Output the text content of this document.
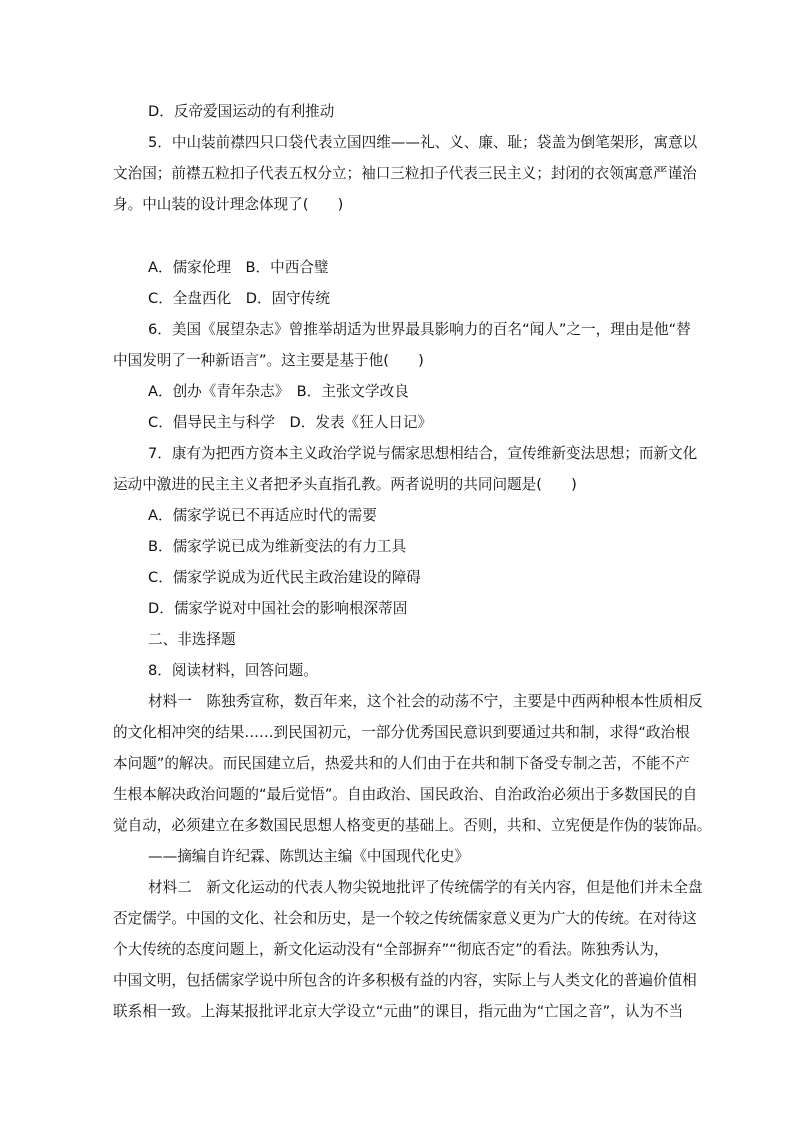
D．反帝爱国运动的有利推动
5．中山装前襟四只口袋代表立国四维——礼、义、廉、耻；袋盖为倒笔架形，寓意以
文治国；前襟五粒扣子代表五权分立；袖口三粒扣子代表三民主义；封闭的衣领寓意严谨治
身。中山装的设计理念体现了(　　)
A．儒家伦理　B．中西合璧
C．全盘西化　D．固守传统
6．美国《展望杂志》曾推举胡适为世界最具影响力的百名“闻人”之一，理由是他“替
中国发明了一种新语言”。这主要是基于他(　　)
A．创办《青年杂志》　B．主张文学改良
C．倡导民主与科学　D．发表《狂人日记》
7．康有为把西方资本主义政治学说与儒家思想相结合，宣传维新变法思想；而新文化
运动中激进的民主主义者把矛头直指孔教。两者说明的共同问题是(　　)
A．儒家学说已不再适应时代的需要
B．儒家学说已成为维新变法的有力工具
C．儒家学说成为近代民主政治建设的障碍
D．儒家学说对中国社会的影响根深蒂固
二、非选择题
8．阅读材料，回答问题。
材料一　陈独秀宣称，数百年来，这个社会的动荡不宁，主要是中西两种根本性质相反
的文化相冲突的结果……到民国初元，一部分优秀国民意识到要通过共和制，求得“政治根
本问题”的解决。而民国建立后，热爱共和的人们由于在共和制下备受专制之苦，不能不产
生根本解决政治问题的“最后觉悟”。自由政治、国民政治、自治政治必须出于多数国民的自
觉自动，必须建立在多数国民思想人格变更的基础上。否则，共和、立宪便是作伪的装饰品。
——摘编自许纪霖、陈凯达主编《中国现代化史》
材料二　新文化运动的代表人物尖锐地批评了传统儒学的有关内容，但是他们并未全盘
否定儒学。中国的文化、社会和历史，是一个较之传统儒家意义更为广大的传统。在对待这
个大传统的态度问题上，新文化运动没有“全部摒弃”“彻底否定”的看法。陈独秀认为，
中国文明，包括儒家学说中所包含的许多积极有益的内容，实际上与人类文化的普遍价值相
联系相一致。上海某报批评北京大学设立“元曲”的课目，指元曲为“亡国之音”，认为不当
